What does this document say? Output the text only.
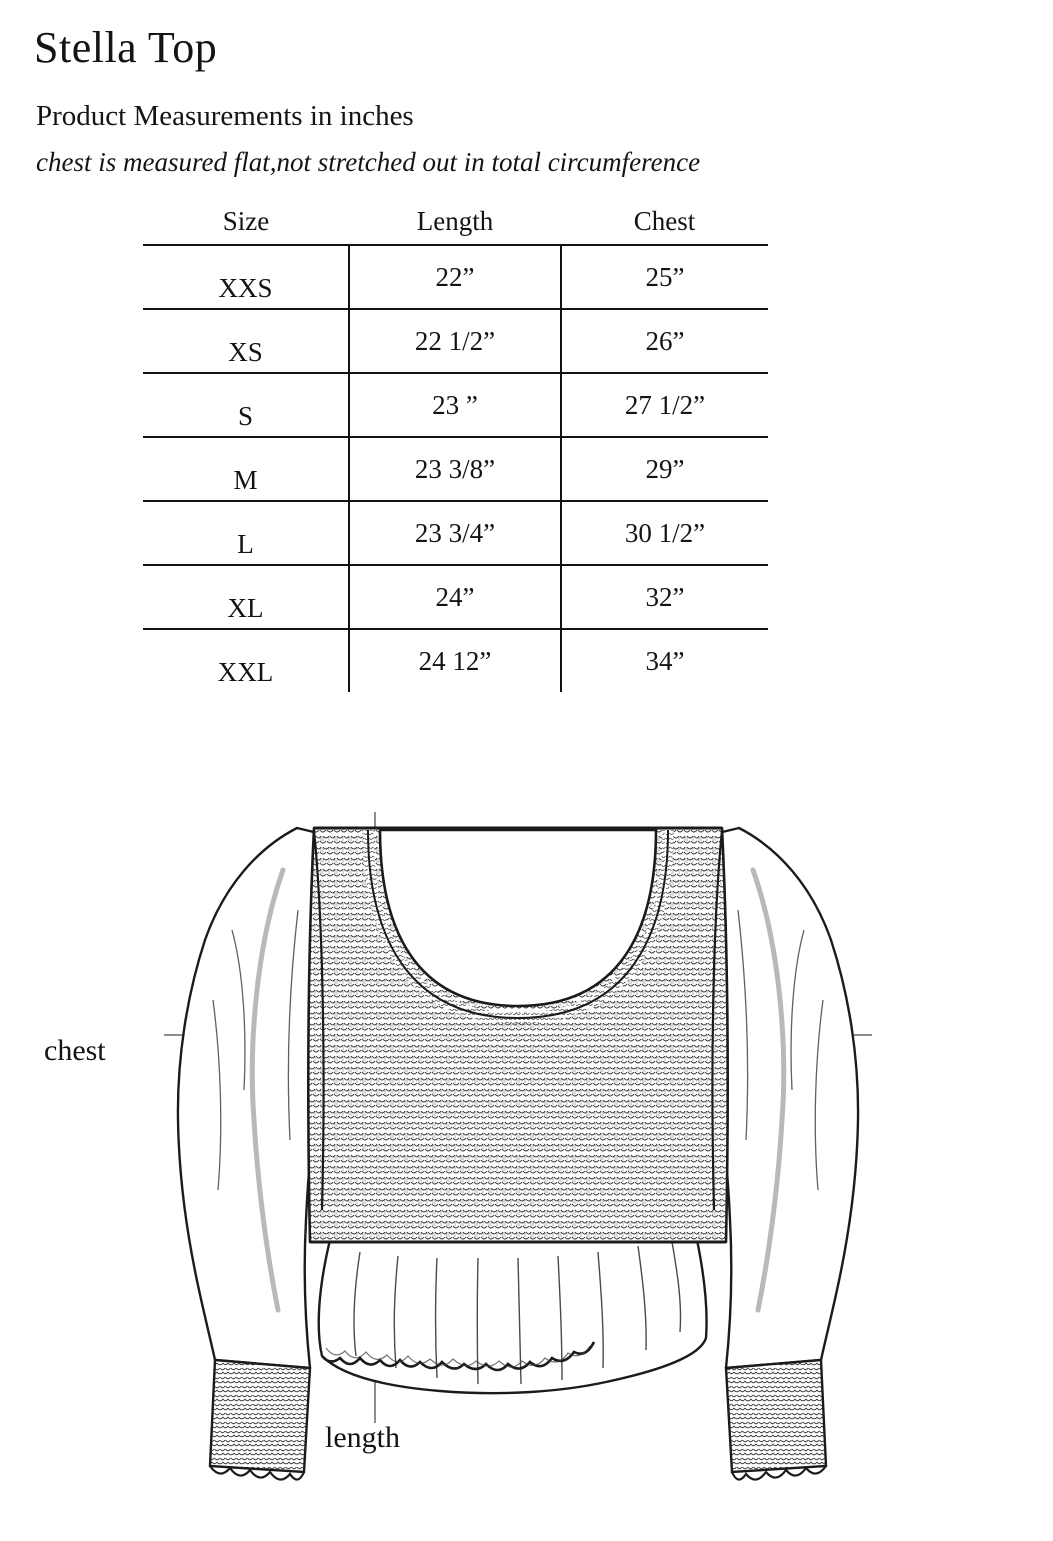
Stella Top
Product Measurements in inches
chest is measured flat,not stretched out in total circumference
Size	Length	Chest
XXS	22”	25”
XS	22 1/2”	26”
S	23 ”	27 1/2”
M	23 3/8”	29”
L	23 3/4”	30 1/2”
XL	24”	32”
XXL	24 12”	34”
chest
length
